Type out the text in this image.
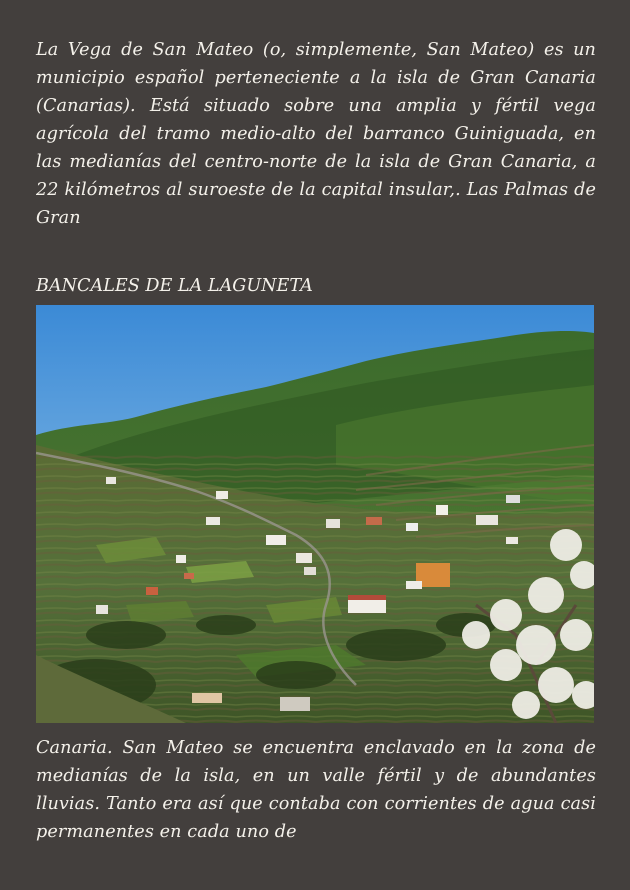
La Vega de San Mateo (o, simplemente, San Mateo) es un municipio español perteneciente a la isla de Gran Canaria (Canarias). Está situado sobre una amplia y fértil vega agrícola del tramo medio-alto del barranco Guiniguada, en las medianías del centro-norte de la isla de Gran Canaria, a 22 kilómetros al suroeste de la capital insular,. Las Palmas de Gran

BANCALES DE LA LAGUNETA

Canaria. San Mateo se encuentra enclavado en la zona de medianías de la isla, en un valle fértil y de abundantes lluvias. Tanto era así que contaba con corrientes de agua casi permanentes en cada uno de
